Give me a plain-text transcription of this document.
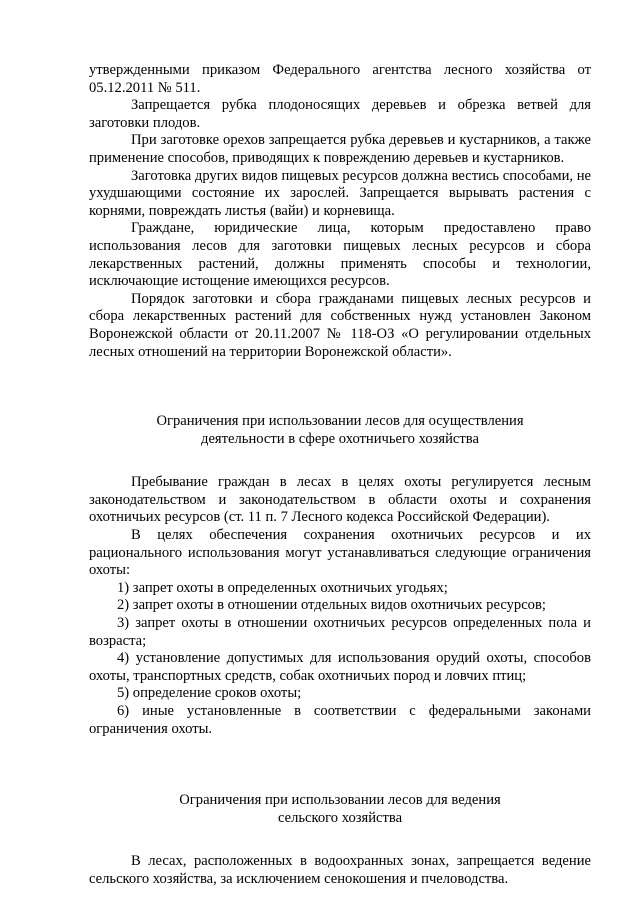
утвержденными приказом Федерального агентства лесного хозяйства от 05.12.2011 № 511.

Запрещается рубка плодоносящих деревьев и обрезка ветвей для заготовки плодов.

При заготовке орехов запрещается рубка деревьев и кустарников, а также применение способов, приводящих к повреждению деревьев и кустарников.

Заготовка других видов пищевых ресурсов должна вестись способами, не ухудшающими состояние их зарослей. Запрещается вырывать растения с корнями, повреждать листья (вайи) и корневища.

Граждане, юридические лица, которым предоставлено право использования лесов для заготовки пищевых лесных ресурсов и сбора лекарственных растений, должны применять способы и технологии, исключающие истощение имеющихся ресурсов.

Порядок заготовки и сбора гражданами пищевых лесных ресурсов и сбора лекарственных растений для собственных нужд установлен Законом Воронежской области от 20.11.2007 № 118-ОЗ «О регулировании отдельных лесных отношений на территории Воронежской области».

Ограничения при использовании лесов для осуществления

деятельности в сфере охотничьего хозяйства

Пребывание граждан в лесах в целях охоты регулируется лесным законодательством и законодательством в области охоты и сохранения охотничьих ресурсов (ст. 11 п. 7 Лесного кодекса Российской Федерации).

В целях обеспечения сохранения охотничьих ресурсов и их рационального использования могут устанавливаться следующие ограничения охоты:

1) запрет охоты в определенных охотничьих угодьях;

2) запрет охоты в отношении отдельных видов охотничьих ресурсов;

3) запрет охоты в отношении охотничьих ресурсов определенных пола и возраста;

4) установление допустимых для использования орудий охоты, способов охоты, транспортных средств, собак охотничьих пород и ловчих птиц;

5) определение сроков охоты;

6) иные установленные в соответствии с федеральными законами ограничения охоты.

Ограничения при использовании лесов для ведения

сельского хозяйства

В лесах, расположенных в водоохранных зонах, запрещается ведение сельского хозяйства, за исключением сенокошения и пчеловодства.
